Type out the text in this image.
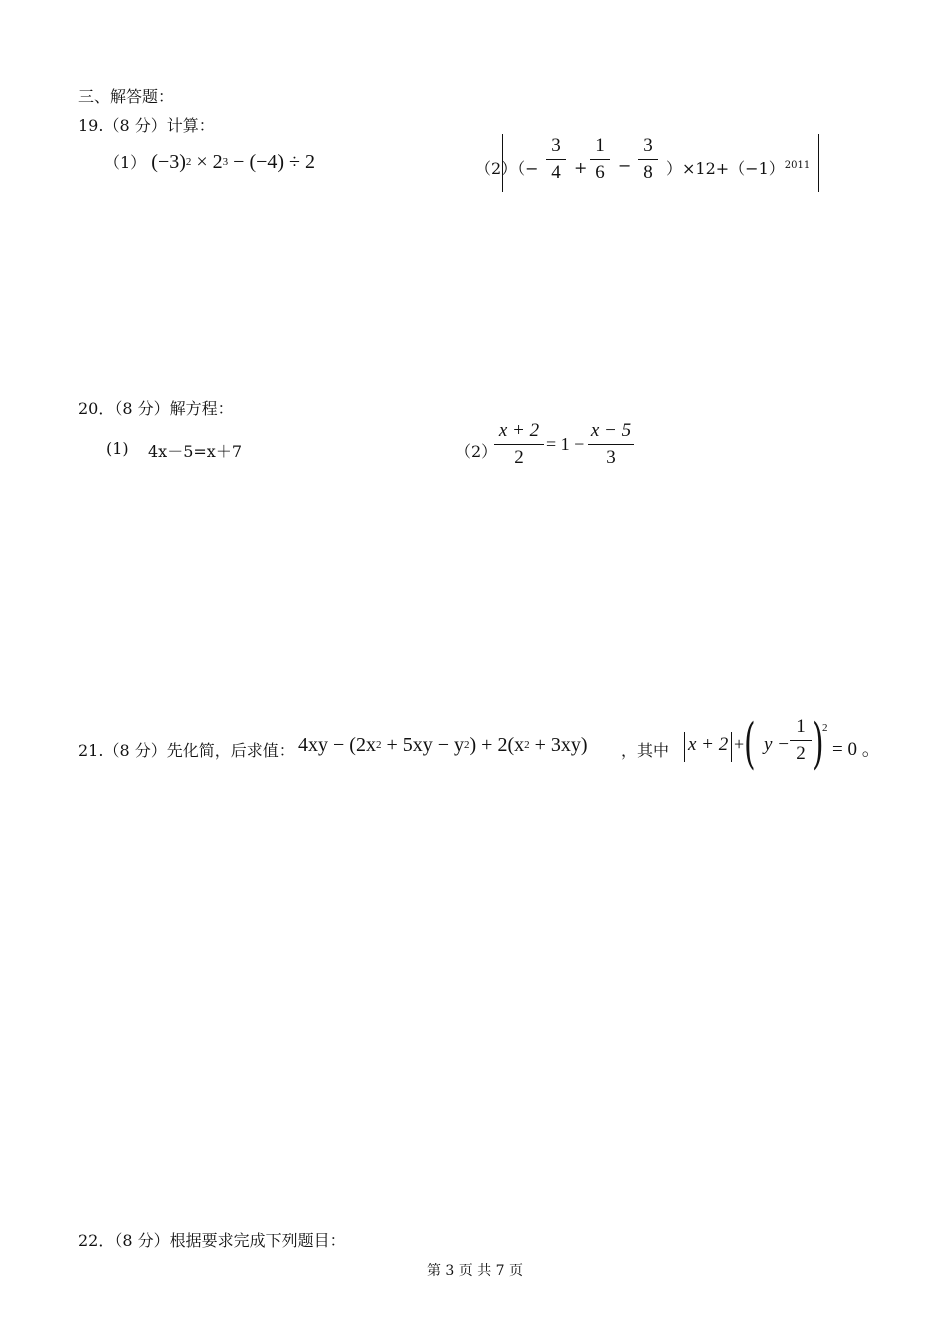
三、解答题：
19.（8 分）计算：
（1） (−3)2 × 23 − (−4) ÷ 2	（2）（−
3
4 +
1
6 −
3
8 ）$\times 12+(-1)^{2011}$
20．（8 分）解方程：
(1) 4x－5=x＋7	（2）
x + 2
2
= 1 −
x − 5
3
21.（8 分）先化简，后求值： 4xy − (2x2 + 5xy − y2) + 2(x2 + 3xy) ，其中 x + 2 + ( y −
1
2 )
2
= 0 。
22．（8 分）根据要求完成下列题目：
第 3 页 共 7 页
